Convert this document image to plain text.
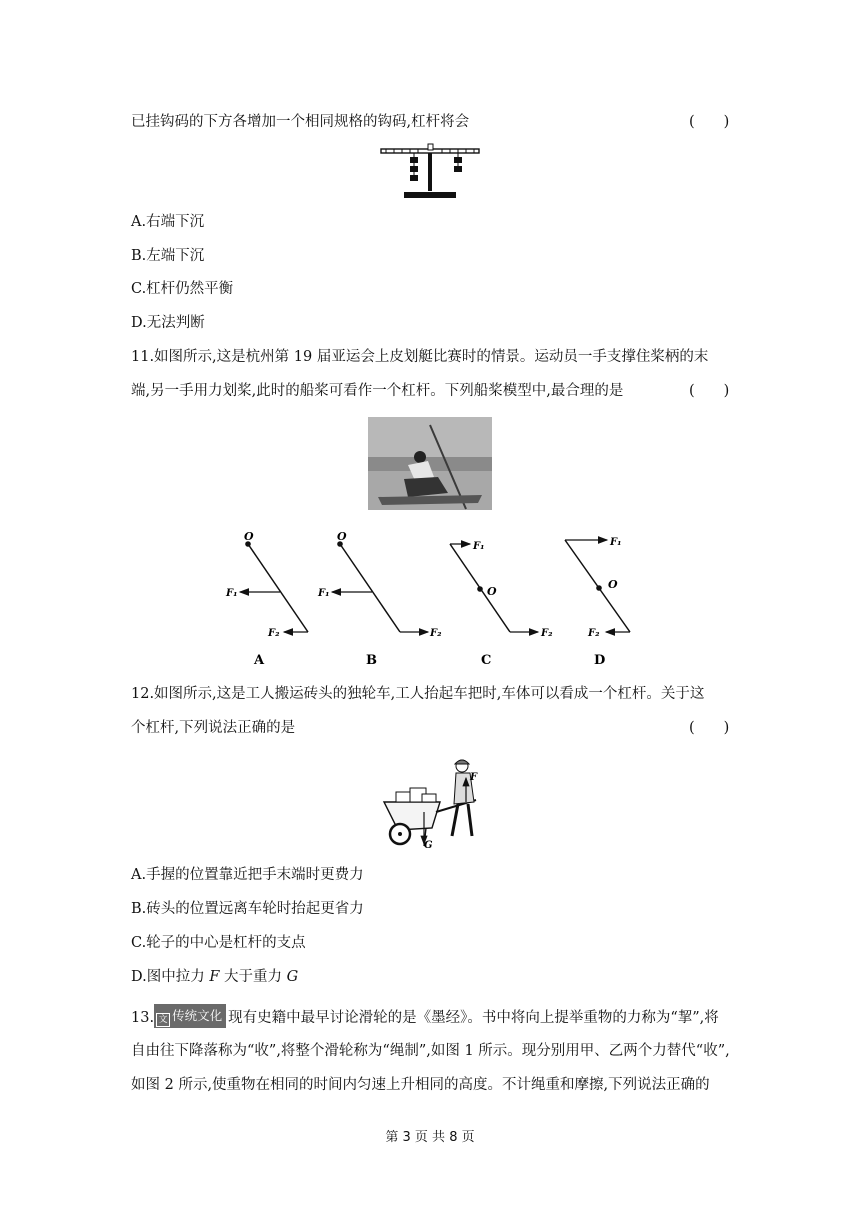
已挂钩码的下方各增加一个相同规格的钩码,杠杆将会	(　　)
A.右端下沉
B.左端下沉
C.杠杆仍然平衡
D.无法判断
11.如图所示,这是杭州第 19 届亚运会上皮划艇比赛时的情景。运动员一手支撑住桨柄的末
端,另一手用力划桨,此时的船桨可看作一个杠杆。下列船桨模型中,最合理的是	(　　)
O
F₁
F₂
A
O
F₁
F₂
B
F₁
O
F₂
C
F₁
O
F₂
D
12.如图所示,这是工人搬运砖头的独轮车,工人抬起车把时,车体可以看成一个杠杆。关于这
个杠杆,下列说法正确的是	(　　)
G
F
A.手握的位置靠近把手末端时更费力
B.砖头的位置远离车轮时抬起更省力
C.轮子的中心是杠杆的支点
D.图中拉力 F 大于重力 G
13. 文 传统文化 现有史籍中最早讨论滑轮的是《墨经》。书中将向上提举重物的力称为“挈”,将
自由往下降落称为“收”,将整个滑轮称为“绳制”,如图 1 所示。现分别用甲、乙两个力替代“收”,
如图 2 所示,使重物在相同的时间内匀速上升相同的高度。不计绳重和摩擦,下列说法正确的
第 3 页 共 8 页
